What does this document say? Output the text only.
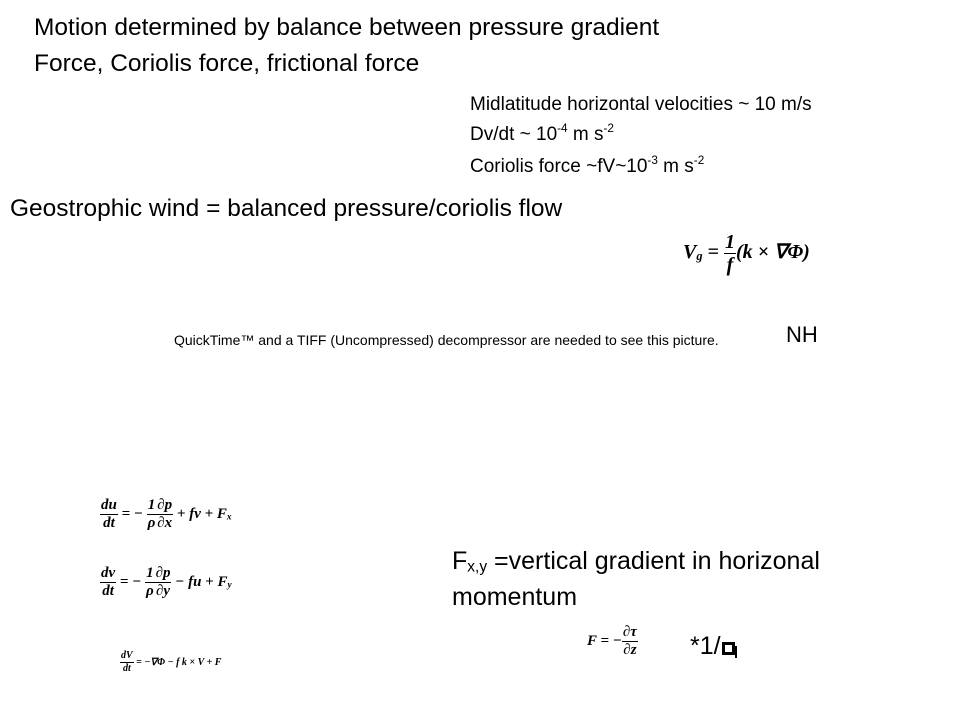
Motion determined by balance between pressure gradient
Force, Coriolis force, frictional force
Midlatitude horizontal velocities ~ 10 m/s
Dv/dt ~ $10^{-4}$ m $s^{-2}$
Coriolis force $\sim fV\sim 10^{-3}$ m $s^{-2}$
Geostrophic wind = balanced pressure/coriolis flow
$V_g = \frac{1}{f} (k \times \nabla\Phi)$
QuickTime™ and a TIFF (Uncompressed) decompressor are needed to see this picture.	NH
$\frac{du}{dt}$ = − $\frac{1}{\rho} \frac{\partial p}{\partial x}$ + fv + $F_x$
$\frac{dv}{dt}$ = − $\frac{1}{\rho} \frac{\partial p}{\partial y}$ − fu + $F_y$
$\frac{dV}{dt} = -\nabla\Phi - f$ k × V + F
$F_{x,y}$ =vertical gradient in horizonal
momentum
F = − $\frac{\partial\tau}{\partial z} *1/$
